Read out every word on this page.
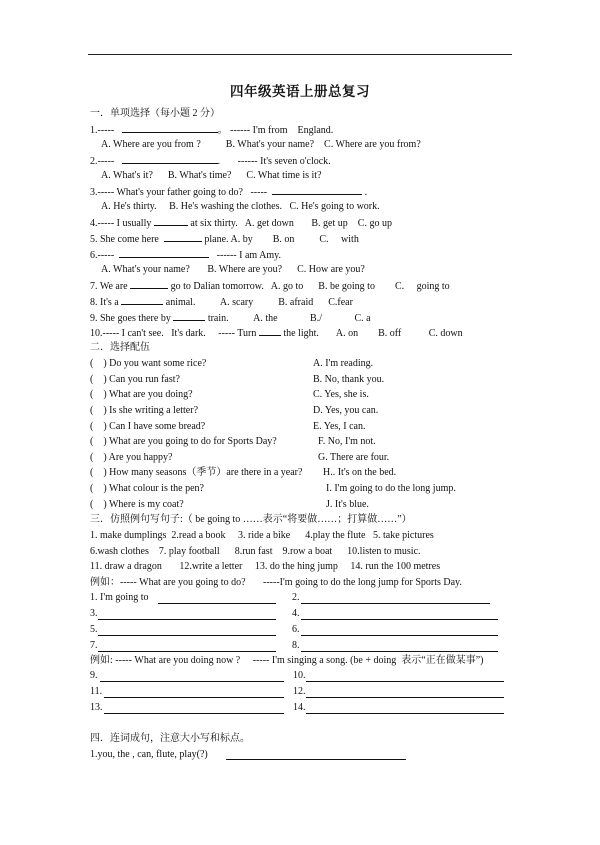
四年级英语上册总复习
一．单项选择（每小题 2 分）
1.-----	。 ------ I'm from    England.
A. Where are you from ?          B. What's your name?    C. Where are you from?
2.-----	.       ------ It's seven o'clock.
A. What's it?      B. What's time?      C. What time is it?
3.----- What's your father going to do?   -----	.
A. He's thirty.     B. He's washing the clothes.   C. He's going to work.
4.----- I usually	at six thirty.   A. get down       B. get up    C. go up
5. She come here	plane. A. by        B. on          C.     with
6.-----	------ I am Amy.
A. What's your name?       B. Where are you?      C. How are you?
7. We are	go to Dalian tomorrow.   A. go to      B. be going to        C.     going to
8. It's a	animal.          A. scary          B. afraid      C.fear
9. She goes there by	train.          A. the             B./             C. a
10.----- I can't see.   It's dark.     ----- Turn	the light.       A. on        B. off           C. down
二．选择配伍
(    ) Do you want some rice?	A. I'm reading.
(    ) Can you run fast?	B. No, thank you.
(    ) What are you doing?	C. Yes, she is.
(    ) Is she writing a letter?	D. Yes, you can.
(    ) Can I have some bread?	E. Yes, I can.
(    ) What are you going to do for Sports Day?	F. No, I'm not.
(    ) Are you happy?	G. There are four.
(    ) How many seasons（季节）are there in a year? H.. It's on the bed.
(    ) What colour is the pen?	I. I'm going to do the long jump.
(    ) Where is my coat?	J. It's blue.
三．仿照例句写句子:（ be going to ……表示“将要做……；打算做……”）
1. make dumplings  2.read a book     3. ride a bike      4.play the flute   5. take pictures
6.wash clothes    7. play football      8.run fast    9.row a boat      10.listen to music.
11. draw a dragon       12.write a letter     13. do the hing jump     14. run the 100 metres
例如：----- What are you going to do?       -----I'm going to do the long jump for Sports Day.
1. I'm going to	2.
3.	4.
5.	6.
7.	8.
例如: ----- What are you doing now ?     ----- I'm singing a song. (be + doing  表示“正在做某事”)
9.	10.
11.	12.
13.	14.
四．连词成句，注意大小写和标点。
1.you, the , can, flute, play(?)
